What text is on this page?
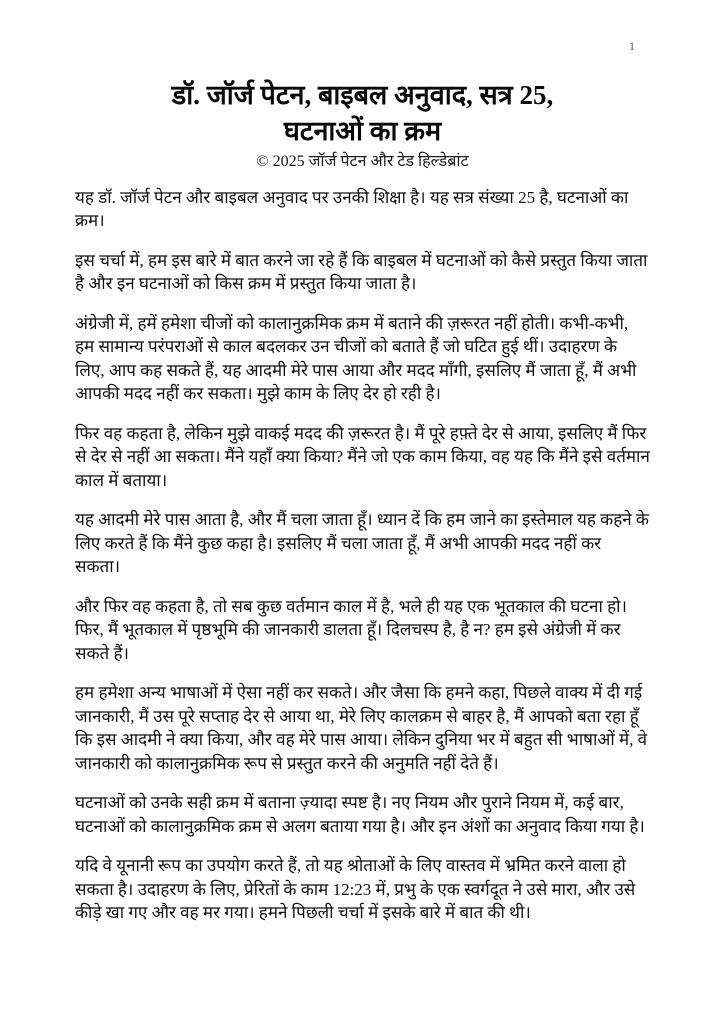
1
डॉ. जॉर्ज पेटन, बाइबल अनुवाद, सत्र 25,
घटनाओं का क्रम
© 2025 जॉर्ज पेटन और टेड हिल्डेब्रांट

यह डॉ. जॉर्ज पेटन और बाइबल अनुवाद पर उनकी शिक्षा है। यह सत्र संख्या 25 है, घटनाओं का क्रम।

इस चर्चा में, हम इस बारे में बात करने जा रहे हैं कि बाइबल में घटनाओं को कैसे प्रस्तुत किया जाता है और इन घटनाओं को किस क्रम में प्रस्तुत किया जाता है।

अंग्रेजी में, हमें हमेशा चीजों को कालानुक्रमिक क्रम में बताने की ज़रूरत नहीं होती। कभी-कभी, हम सामान्य परंपराओं से काल बदलकर उन चीजों को बताते हैं जो घटित हुई थीं। उदाहरण के लिए, आप कह सकते हैं, यह आदमी मेरे पास आया और मदद माँगी, इसलिए मैं जाता हूँ, मैं अभी आपकी मदद नहीं कर सकता। मुझे काम के लिए देर हो रही है।

फिर वह कहता है, लेकिन मुझे वाकई मदद की ज़रूरत है। मैं पूरे हफ़्ते देर से आया, इसलिए मैं फिर से देर से नहीं आ सकता। मैंने यहाँ क्या किया? मैंने जो एक काम किया, वह यह कि मैंने इसे वर्तमान काल में बताया।

यह आदमी मेरे पास आता है, और मैं चला जाता हूँ। ध्यान दें कि हम जाने का इस्तेमाल यह कहने के लिए करते हैं कि मैंने कुछ कहा है। इसलिए मैं चला जाता हूँ, मैं अभी आपकी मदद नहीं कर सकता।

और फिर वह कहता है, तो सब कुछ वर्तमान काल में है, भले ही यह एक भूतकाल की घटना हो। फिर, मैं भूतकाल में पृष्ठभूमि की जानकारी डालता हूँ। दिलचस्प है, है न? हम इसे अंग्रेजी में कर सकते हैं।

हम हमेशा अन्य भाषाओं में ऐसा नहीं कर सकते। और जैसा कि हमने कहा, पिछले वाक्य में दी गई जानकारी, मैं उस पूरे सप्ताह देर से आया था, मेरे लिए कालक्रम से बाहर है, मैं आपको बता रहा हूँ कि इस आदमी ने क्या किया, और वह मेरे पास आया। लेकिन दुनिया भर में बहुत सी भाषाओं में, वे जानकारी को कालानुक्रमिक रूप से प्रस्तुत करने की अनुमति नहीं देते हैं।

घटनाओं को उनके सही क्रम में बताना ज़्यादा स्पष्ट है। नए नियम और पुराने नियम में, कई बार, घटनाओं को कालानुक्रमिक क्रम से अलग बताया गया है। और इन अंशों का अनुवाद किया गया है।

यदि वे यूनानी रूप का उपयोग करते हैं, तो यह श्रोताओं के लिए वास्तव में भ्रमित करने वाला हो सकता है। उदाहरण के लिए, प्रेरितों के काम 12:23 में, प्रभु के एक स्वर्गदूत ने उसे मारा, और उसे कीड़े खा गए और वह मर गया। हमने पिछली चर्चा में इसके बारे में बात की थी।
